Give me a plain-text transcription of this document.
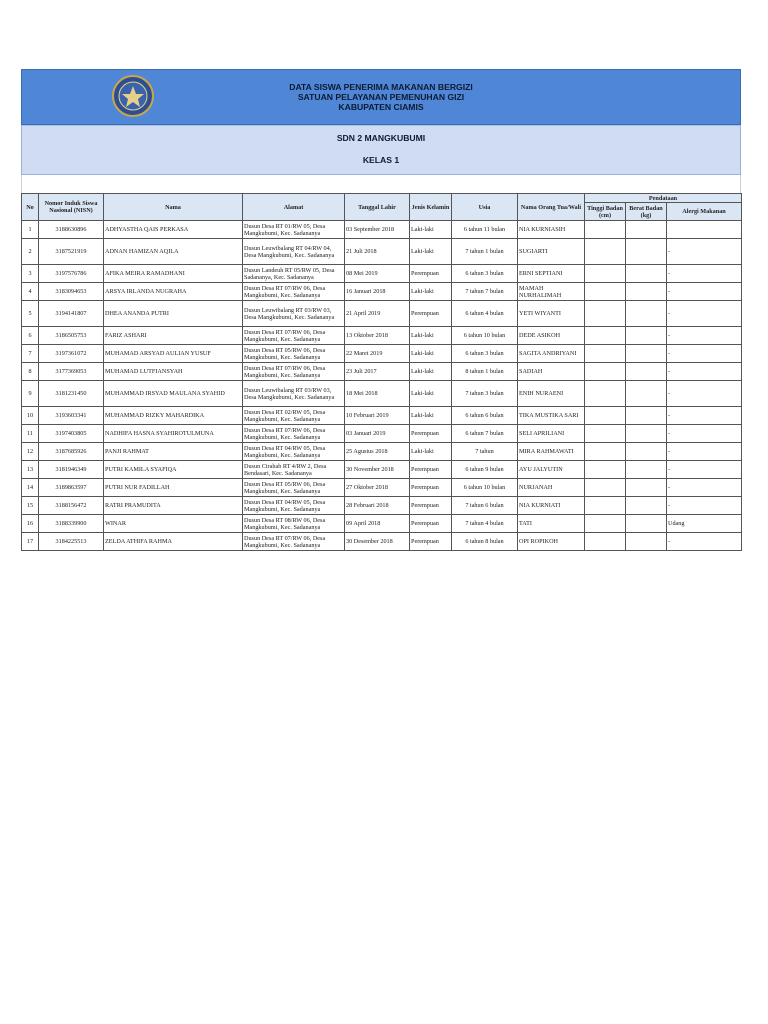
DATA SISWA PENERIMA MAKANAN BERGIZI
SATUAN PELAYANAN PEMENUHAN GIZI
KABUPATEN CIAMIS
SDN 2 MANGKUBUMI
KELAS 1
No	Nomor Induk Siswa Nasional (NISN)	Nama	Alamat	Tanggal Lahir	Jenis Kelamin	Usia	Nama Orang Tua/Wali	Pendataan		
								Tinggi Badan (cm)	Berat Badan (kg)	Alergi Makanan
1	3188630896	ADHYASTHA QAIS PERKASA	Dusun Desa RT 01/RW 05, Desa Mangkubumi, Kec. Sadananya	03 September 2018	Laki-laki	6 tahun 11 bulan	NIA KURNIASIH			
2	3187521919	ADNAN HAMIZAN AQILA	Dusun Leuwibalang RT 04/RW 04, Desa Mangkubumi, Kec. Sadananya	21 Juli 2018	Laki-laki	7 tahun 1 bulan	SUGIARTI			-
3	3197576786	AFIKA MEIRA RAMADHANI	Dusun Landeuh RT 05/RW 05, Desa Sadananya, Kec. Sadananya	08 Mei 2019	Perempuan	6 tahun 3 bulan	ERNI SEPTIANI			-
4	3183094653	ARSYA IRLANDA NUGRAHA	Dusun Desa RT 07/RW 06, Desa Mangkubumi, Kec. Sadananya	16 Januari 2018	Laki-laki	7 tahun 7 bulan	MAMAH NURHALIMAH			-
5	3194141807	DHEA ANANDA PUTRI	Dusun Leuwibalang RT 03/RW 03, Desa Mangkubumi, Kec. Sadananya	21 April 2019	Perempuan	6 tahun 4 bulan	YETI WIYANTI			-
6	3186505753	FARIZ ASHARI	Dusun Desa RT 07/RW 06, Desa Mangkubumi, Kec. Sadananya	13 Oktober 2018	Laki-laki	6 tahun 10 bulan	DEDE ASIKOH			-
7	3197361072	MUHAMAD ARSYAD AULIAN YUSUF	Dusun Desa RT 05/RW 06, Desa Mangkubumi, Kec. Sadananya	22 Maret 2019	Laki-laki	6 tahun 3 bulan	SAGITA ANDRIYANI			-
8	3177369053	MUHAMAD LUTFIANSYAH	Dusun Desa RT 07/RW 06, Desa Mangkubumi, Kec. Sadananya	23 Juli 2017	Laki-laki	8 tahun 1 bulan	SADIAH			-
9	3181231450	MUHAMMAD IRSYAD MAULANA SYAHID	Dusun Leuwibalang RT 03/RW 03, Desa Mangkubumi, Kec. Sadananya	18 Mei 2018	Laki-laki	7 tahun 3 bulan	ENIH NURAENI			-
10	3193603341	MUHAMMAD RIZKY MAHARDIKA	Dusun Desa RT 02/RW 05, Desa Mangkubumi, Kec. Sadananya	10 Februari 2019	Laki-laki	6 tahun 6 bulan	TIKA MUSTIKA SARI			-
11	3197403805	NADHIFA HASNA SYAHIROTULMUNA	Dusun Desa RT 07/RW 06, Desa Mangkubumi, Kec. Sadananya	03 Januari 2019	Perempuan	6 tahun 7 bulan	SELI APRILIANI			-
12	3187685926	PANJI RAHMAT	Dusun Desa RT 04/RW 05, Desa Mangkubumi, Kec. Sadananya	25 Agustus 2018	Laki-laki	7 tahun	MIRA RAHMAWATI			-
13	3181946349	PUTRI KAMILA SYAFIQA	Dusun Cirahab RT 4/RW 2, Desa Bendasari, Kec. Sadananya	30 November 2018	Perempuan	6 tahun 9 bulan	AYU JALYUTIN			-
14	3189863597	PUTRI NUR FADILLAH	Dusun Desa RT 05/RW 06, Desa Mangkubumi, Kec. Sadananya	27 Oktober 2018	Perempuan	6 tahun 10 bulan	NURJANAH			-
15	3188156472	RATRI PRAMUDITA	Dusun Desa RT 04/RW 05, Desa Mangkubumi, Kec. Sadananya	28 Februari 2018	Perempuan	7 tahun 6 bulan	NIA KURNIATI			-
16	3188339900	WINAR	Dusun Desa RT 08/RW 06, Desa Mangkubumi, Kec. Sadananya	09 April 2018	Perempuan	7 tahun 4 bulan	TATI			Udang
17	3184225513	ZELDA ATHIFA RAHMA	Dusun Desa RT 07/RW 06, Desa Mangkubumi, Kec. Sadananya	30 Desember 2018	Perempuan	6 tahun 8 bulan	OPI ROPIKOH			-
